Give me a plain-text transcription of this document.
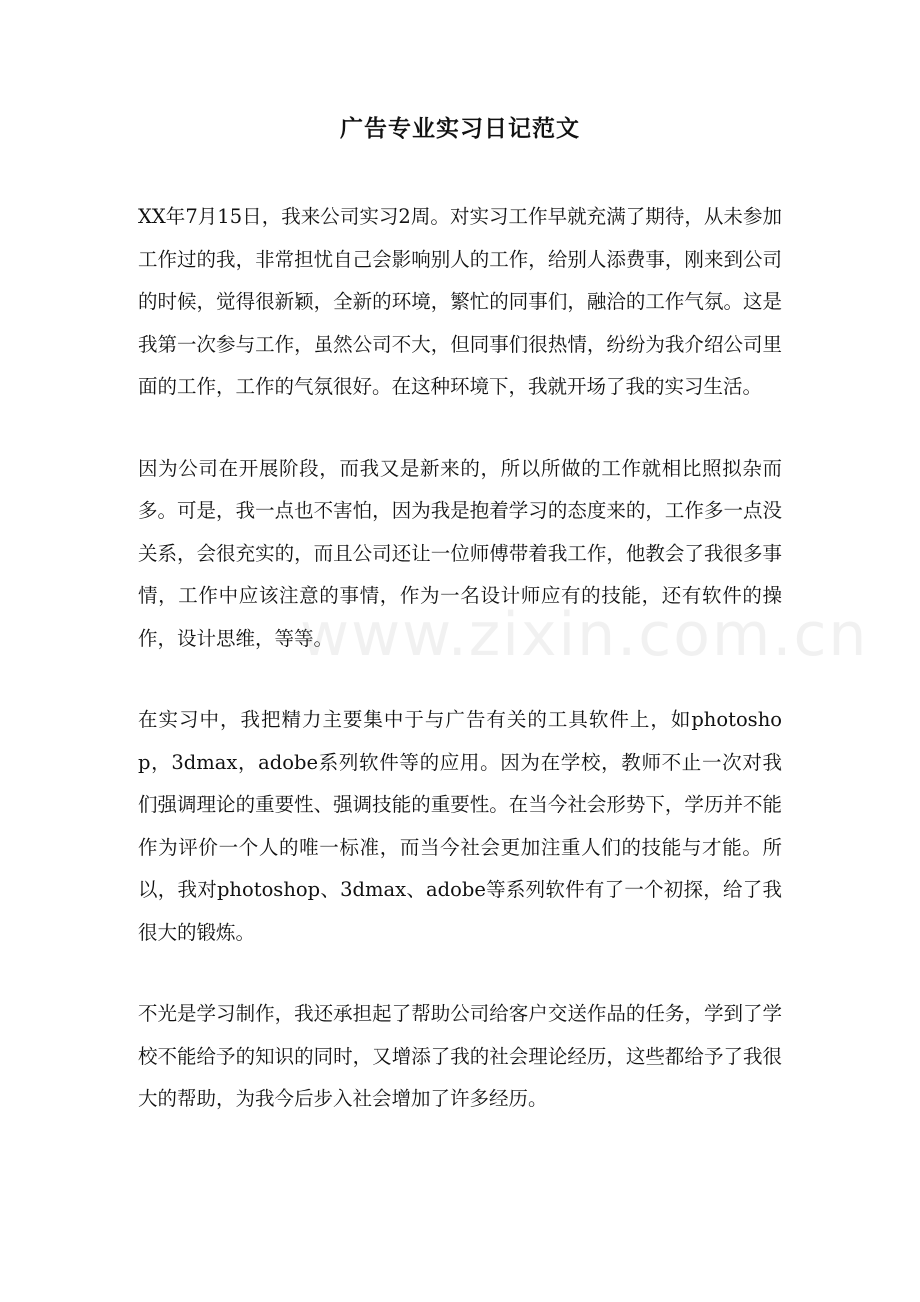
广告专业实习日记范文

XX年7月15日，我来公司实习2周。对实习工作早就充满了期待，从未参加工作过的我，非常担忧自己会影响别人的工作，给别人添费事，刚来到公司的时候，觉得很新颖，全新的环境，繁忙的同事们，融洽的工作气氛。这是我第一次参与工作，虽然公司不大，但同事们很热情，纷纷为我介绍公司里面的工作，工作的气氛很好。在这种环境下，我就开场了我的实习生活。

因为公司在开展阶段，而我又是新来的，所以所做的工作就相比照拟杂而多。可是，我一点也不害怕，因为我是抱着学习的态度来的，工作多一点没关系，会很充实的，而且公司还让一位师傅带着我工作，他教会了我很多事情，工作中应该注意的事情，作为一名设计师应有的技能，还有软件的操作，设计思维，等等。

在实习中，我把精力主要集中于与广告有关的工具软件上，如photoshop，3dmax，adobe系列软件等的应用。因为在学校，教师不止一次对我们强调理论的重要性、强调技能的重要性。在当今社会形势下，学历并不能作为评价一个人的唯一标准，而当今社会更加注重人们的技能与才能。所以，我对photoshop、3dmax、adobe等系列软件有了一个初探，给了我很大的锻炼。

不光是学习制作，我还承担起了帮助公司给客户交送作品的任务，学到了学校不能给予的知识的同时，又增添了我的社会理论经历，这些都给予了我很大的帮助，为我今后步入社会增加了许多经历。

www.zixin.com.cn
